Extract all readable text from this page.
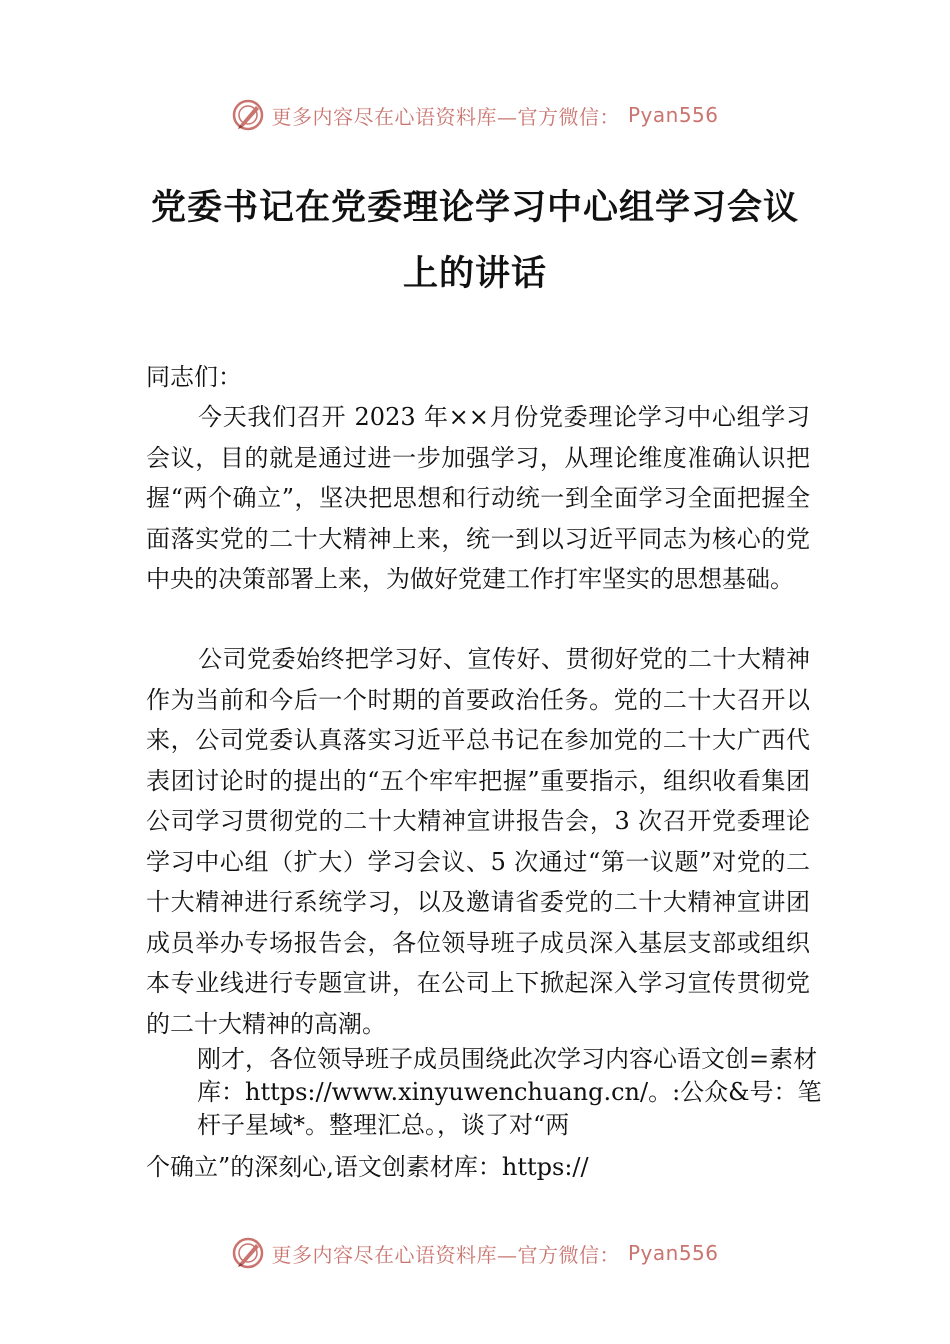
更多内容尽在心语资料库—官方微信： Pyan556
党委书记在党委理论学习中心组学习会议
上的讲话
同志们：
今天我们召开 2023 年××月份党委理论学习中心组学习会议，目的就是通过进一步加强学习，从理论维度准确认识把握“两个确立”，坚决把思想和行动统一到全面学习全面把握全面落实党的二十大精神上来，统一到以习近平同志为核心的党中央的决策部署上来，为做好党建工作打牢坚实的思想基础。
公司党委始终把学习好、宣传好、贯彻好党的二十大精神作为当前和今后一个时期的首要政治任务。党的二十大召开以来，公司党委认真落实习近平总书记在参加党的二十大广西代表团讨论时的提出的“五个牢牢把握”重要指示，组织收看集团公司学习贯彻党的二十大精神宣讲报告会，3 次召开党委理论学习中心组（扩大）学习会议、5 次通过“第一议题”对党的二十大精神进行系统学习，以及邀请省委党的二十大精神宣讲团成员举办专场报告会，各位领导班子成员深入基层支部或组织本专业线进行专题宣讲，在公司上下掀起深入学习宣传贯彻党的二十大精神的高潮。
刚才，各位领导班子成员围绕此次学习内容心语文创=素材库：https://www.xinyuwenchuang.cn/。:公众&号：笔杆子星域*。整理汇总。，谈了对“两
个确立”的深刻心,语文创素材库：https://
更多内容尽在心语资料库—官方微信： Pyan556
